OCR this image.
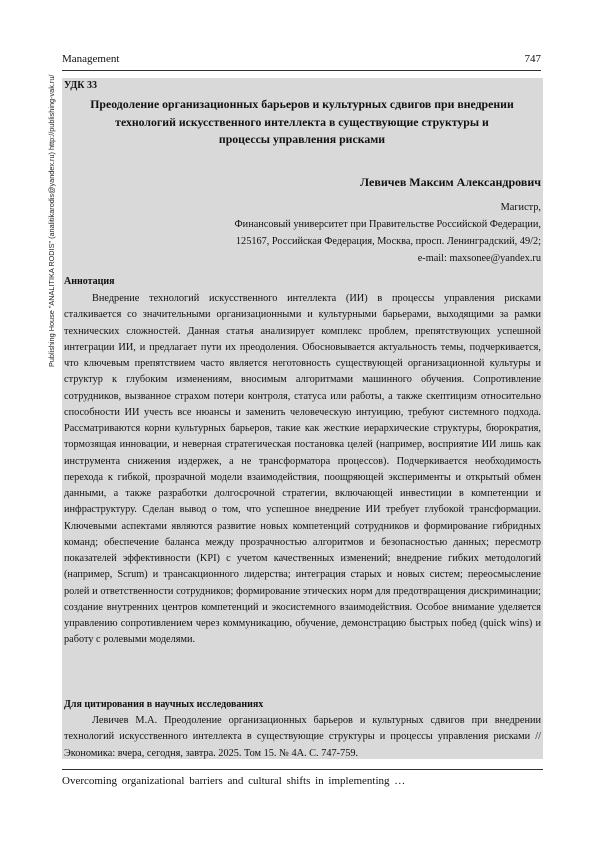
Management	747
Publishing House "ANALITIKA RODIS" (analitikarodis@yandex.ru) http://publishing-vak.ru/ УДК 33
Преодоление организационных барьеров и культурных сдвигов при внедрении технологий искусственного интеллекта в существующие структуры и процессы управления рисками
Левичев Максим Александрович
Магистр,
Финансовый университет при Правительстве Российской Федерации,
125167, Российская Федерация, Москва, просп. Ленинградский, 49/2;
e-mail: maxsonee@yandex.ru
Аннотация

Внедрение технологий искусственного интеллекта (ИИ) в процессы управления рисками сталкивается со значительными организационными и культурными барьерами, выходящими за рамки технических сложностей. Данная статья анализирует комплекс проблем, препятствующих успешной интеграции ИИ, и предлагает пути их преодоления. Обосновывается актуальность темы, подчеркивается, что ключевым препятствием часто является неготовность существующей организационной культуры и структур к глубоким изменениям, вносимым алгоритмами машинного обучения. Сопротивление сотрудников, вызванное страхом потери контроля, статуса или работы, а также скептицизм относительно способности ИИ учесть все нюансы и заменить человеческую интуицию, требуют системного подхода. Рассматриваются корни культурных барьеров, такие как жесткие иерархические структуры, бюрократия, тормозящая инновации, и неверная стратегическая постановка целей (например, восприятие ИИ лишь как инструмента снижения издержек, а не трансформатора процессов). Подчеркивается необходимость перехода к гибкой, прозрачной модели взаимодействия, поощряющей эксперименты и открытый обмен данными, а также разработки долгосрочной стратегии, включающей инвестиции в компетенции и инфраструктуру. Сделан вывод о том, что успешное внедрение ИИ требует глубокой трансформации. Ключевыми аспектами являются развитие новых компетенций сотрудников и формирование гибридных команд; обеспечение баланса между прозрачностью алгоритмов и безопасностью данных; пересмотр показателей эффективности (KPI) с учетом качественных изменений; внедрение гибких методологий (например, Scrum) и трансакционного лидерства; интеграция старых и новых систем; переосмысление ролей и ответственности сотрудников; формирование этических норм для предотвращения дискриминации; создание внутренних центров компетенций и экосистемного взаимодействия. Особое внимание уделяется управлению сопротивлением через коммуникацию, обучение, демонстрацию быстрых побед (quick wins) и работу с ролевыми моделями.

Для цитирования в научных исследованиях

Левичев М.А. Преодоление организационных барьеров и культурных сдвигов при внедрении технологий искусственного интеллекта в существующие структуры и процессы управления рисками // Экономика: вчера, сегодня, завтра. 2025. Том 15. № 4А. С. 747-759.

Overcoming organizational barriers and cultural shifts in implementing …
